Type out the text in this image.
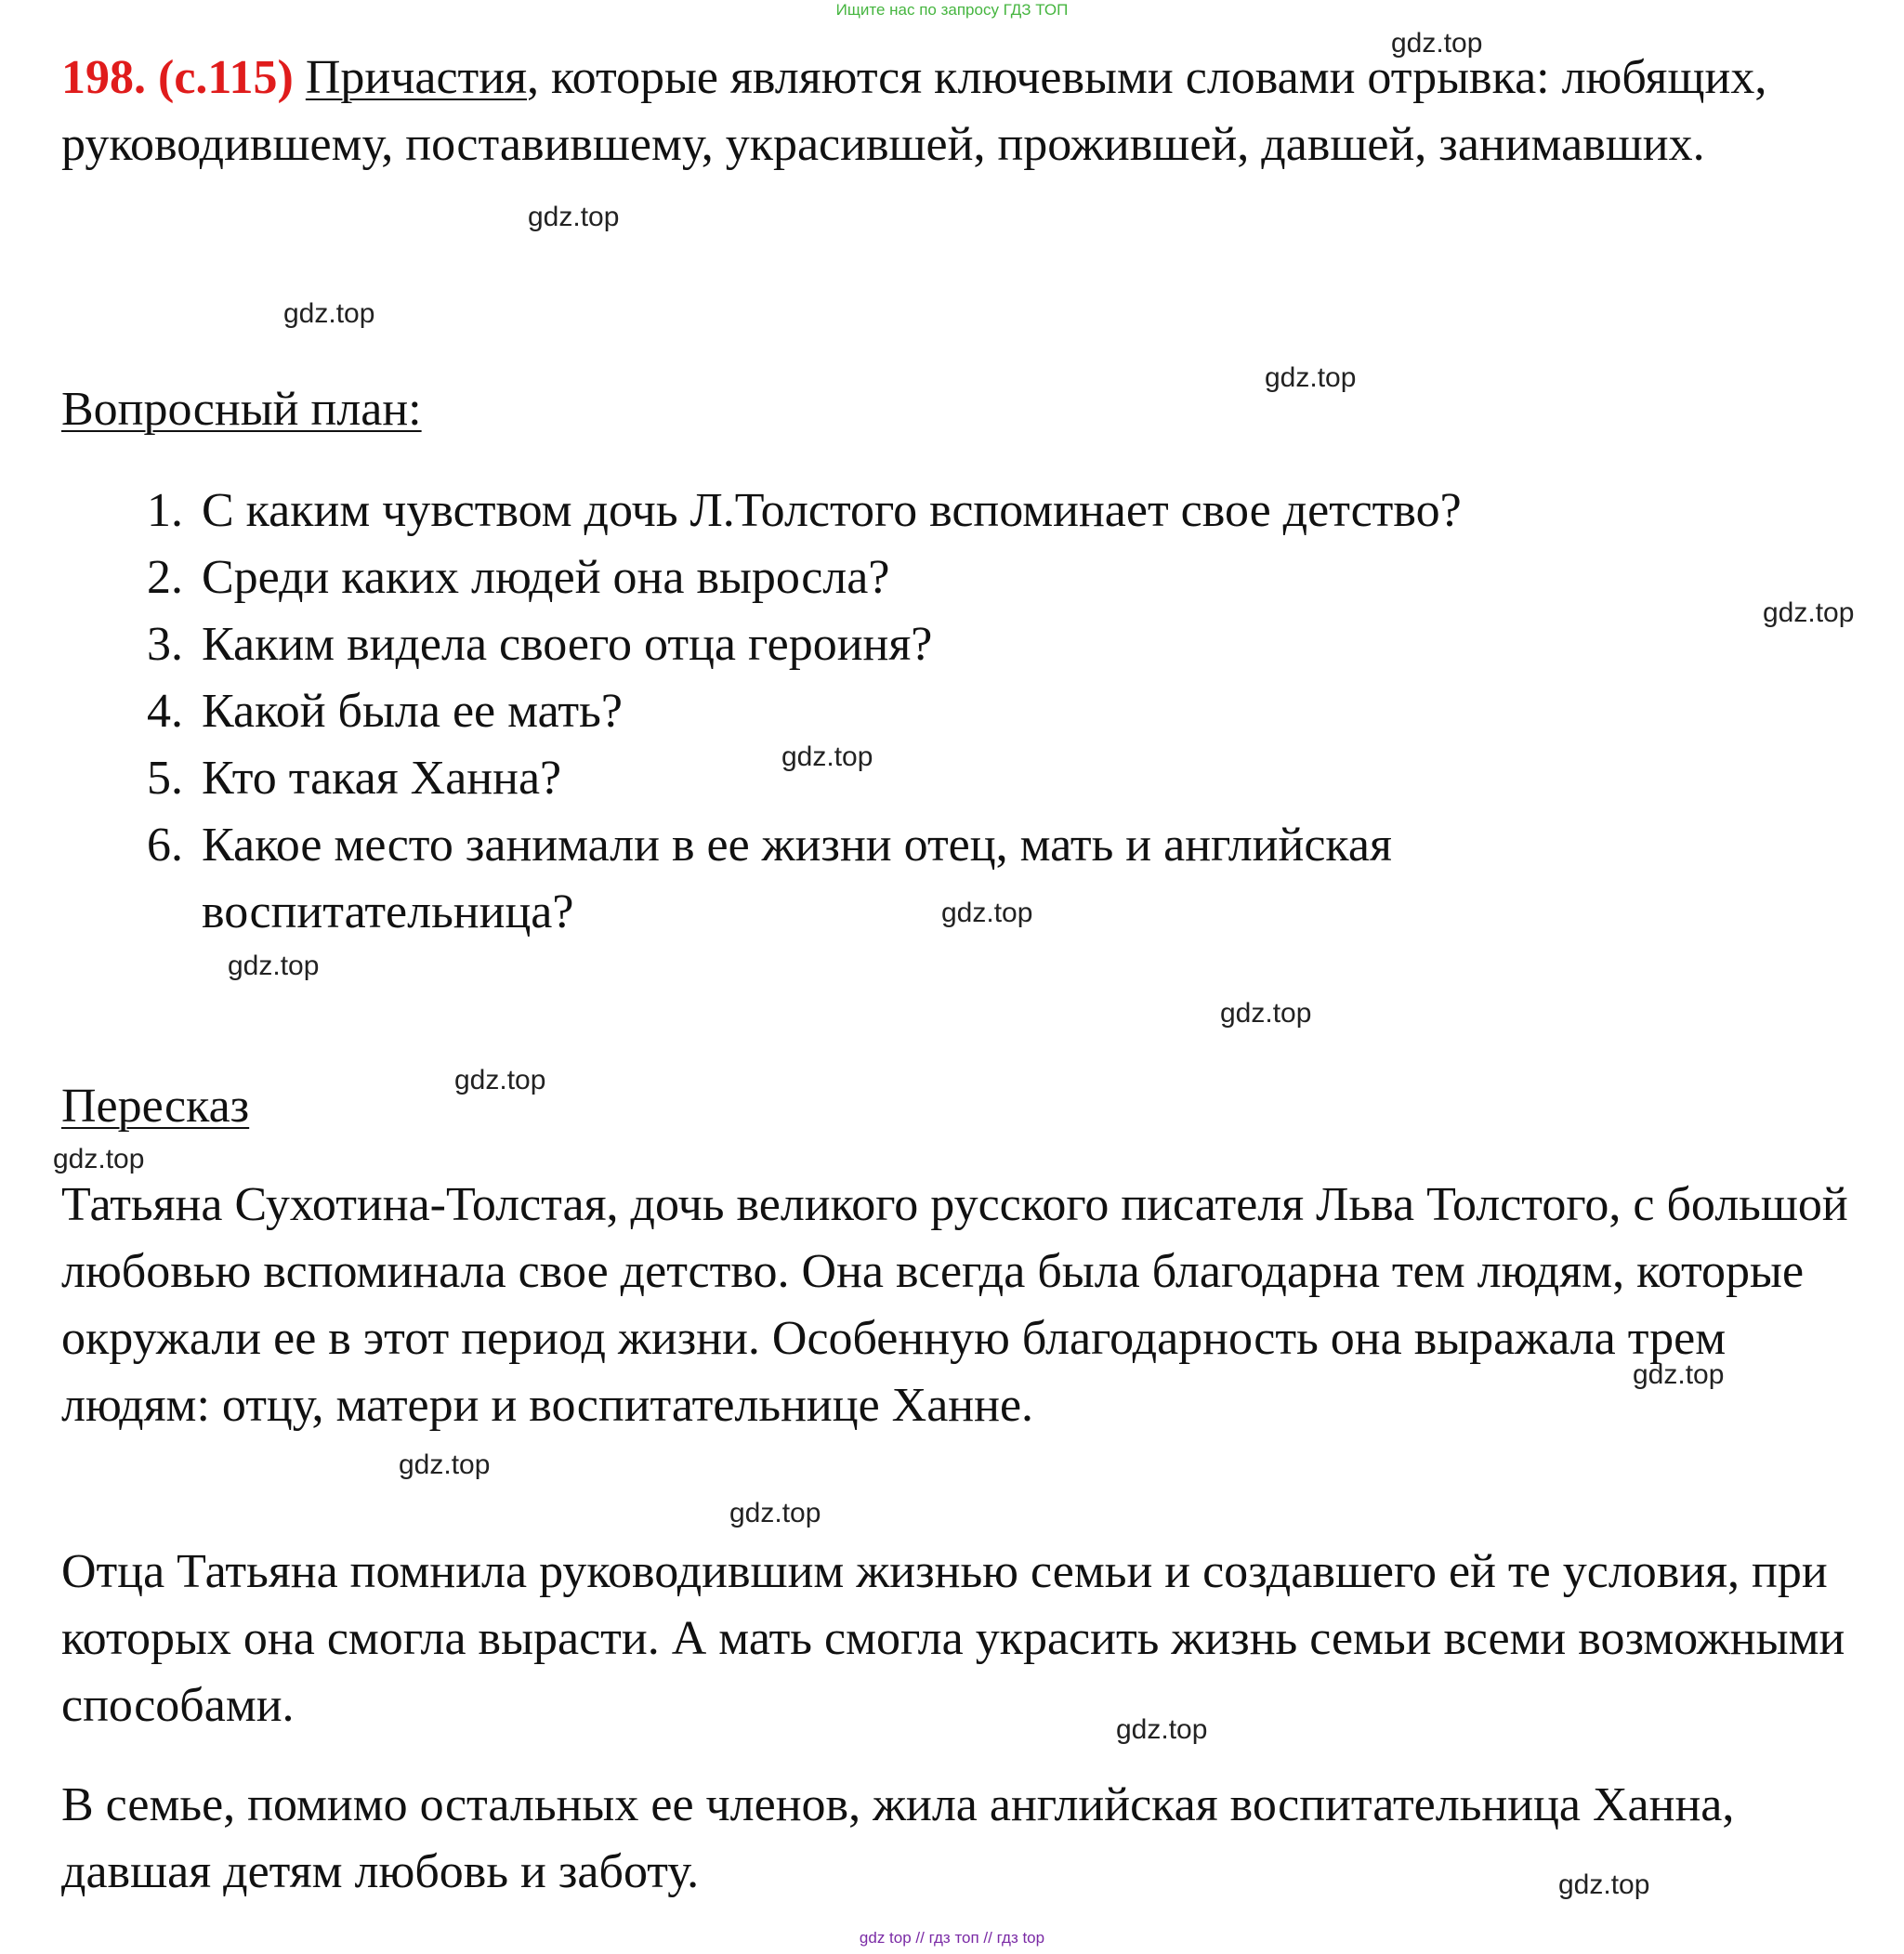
Ищите нас по запросу ГДЗ ТОП
198. (с.115) Причастия, которые являются ключевыми словами отрывка: любящих, руководившему, поставившему, украсившей, прожившей, давшей, занимавших.
Вопросный план:
1. С каким чувством дочь Л.Толстого вспоминает свое детство?
2. Среди каких людей она выросла?
3. Каким видела своего отца героиня?
4. Какой была ее мать?
5. Кто такая Ханна?
6. Какое место занимали в ее жизни отец, мать и английская воспитательница?
Пересказ

Татьяна Сухотина-Толстая, дочь великого русского писателя Льва Толстого, с большой любовью вспоминала свое детство. Она всегда была благодарна тем людям, которые окружали ее в этот период жизни. Особенную благодарность она выражала трем людям: отцу, матери и воспитательнице Ханне.

Отца Татьяна помнила руководившим жизнью семьи и создавшего ей те условия, при которых она смогла вырасти. А мать смогла украсить жизнь семьи всеми возможными способами.

В семье, помимо остальных ее членов, жила английская воспитательница Ханна, давшая детям любовь и заботу.

gdz.top
gdz.top
gdz.top
gdz.top
gdz.top
gdz.top
gdz.top
gdz.top
gdz.top
gdz.top
gdz.top
gdz.top
gdz.top
gdz.top
gdz.top
gdz.top
gdz top // гдз топ // гдз top
